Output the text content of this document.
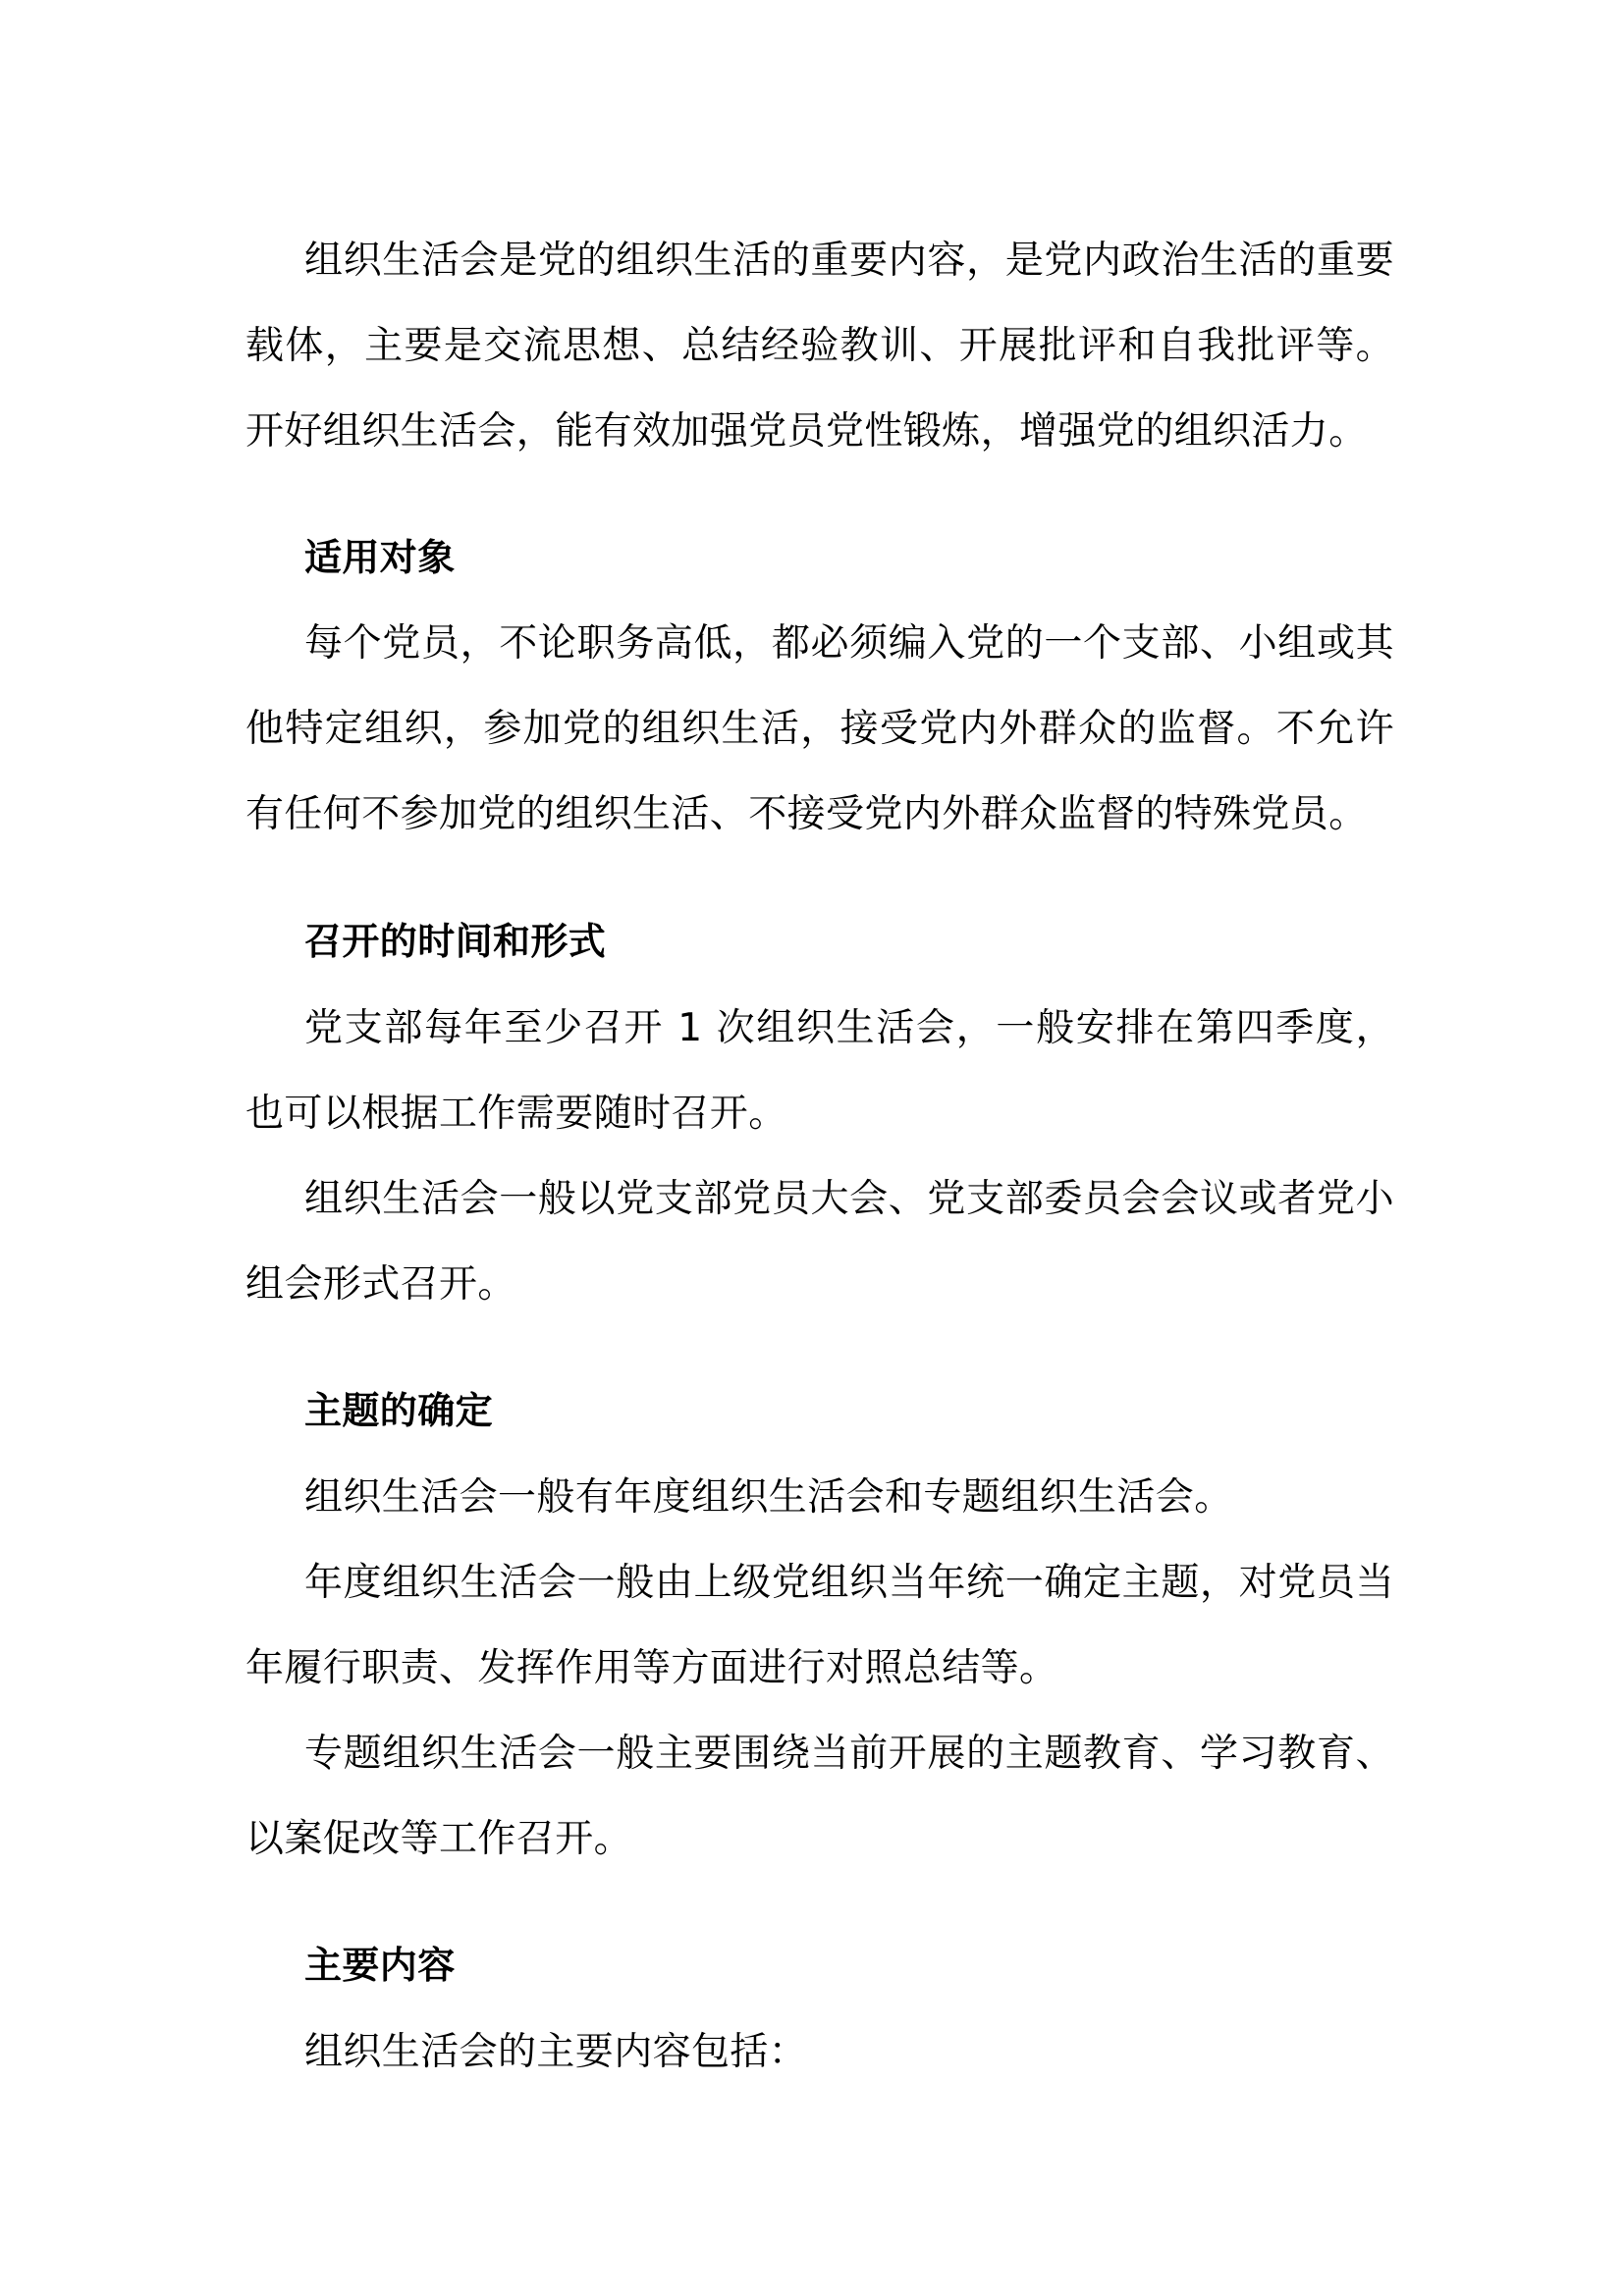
组织生活会是党的组织生活的重要内容，是党内政治生活的重要载体，主要是交流思想、总结经验教训、开展批评和自我批评等。开好组织生活会，能有效加强党员党性锻炼，增强党的组织活力。

适用对象

每个党员，不论职务高低，都必须编入党的一个支部、小组或其他特定组织，参加党的组织生活，接受党内外群众的监督。不允许有任何不参加党的组织生活、不接受党内外群众监督的特殊党员。

召开的时间和形式

党支部每年至少召开 1 次组织生活会，一般安排在第四季度，也可以根据工作需要随时召开。

组织生活会一般以党支部党员大会、党支部委员会会议或者党小组会形式召开。

主题的确定

组织生活会一般有年度组织生活会和专题组织生活会。

年度组织生活会一般由上级党组织当年统一确定主题，对党员当年履行职责、发挥作用等方面进行对照总结等。

专题组织生活会一般主要围绕当前开展的主题教育、学习教育、以案促改等工作召开。

主要内容

组织生活会的主要内容包括：
